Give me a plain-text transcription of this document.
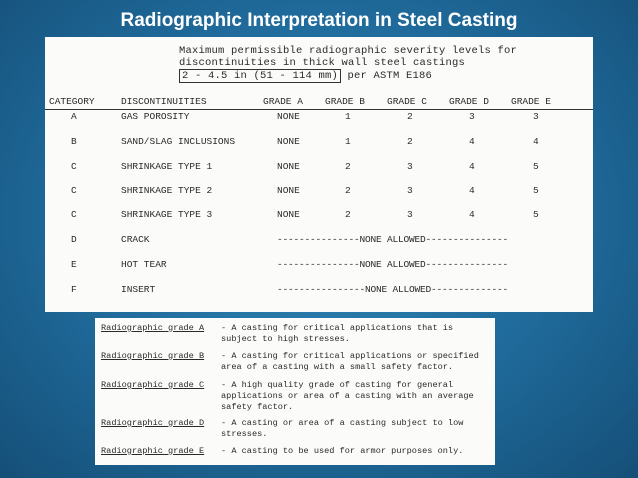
Radiographic Interpretation in Steel Casting
Maximum permissible radiographic severity levels for
discontinuities in thick wall steel castings
2 - 4.5 in (51 - 114 mm) per ASTM E186
CATEGORY	DISCONTINUITIES	GRADE A GRADE B GRADE C GRADE D GRADE E
A	GAS POROSITY	NONE	1	2	3	3
B	SAND/SLAG INCLUSIONS	NONE	1	2	4	4
C	SHRINKAGE TYPE 1	NONE	2	3	4	5
C	SHRINKAGE TYPE 2	NONE	2	3	4	5
C	SHRINKAGE TYPE 3	NONE	2	3	4	5
D	CRACK	---------------NONE ALLOWED---------------
E	HOT TEAR	---------------NONE ALLOWED---------------
F	INSERT	----------------NONE ALLOWED--------------
Radiographic grade A - A casting for critical applications that is subject to high stresses.
Radiographic grade B - A casting for critical applications or specified area of a casting with a small safety factor.
Radiographic grade C - A high quality grade of casting for general applications or area of a casting with an average safety factor.
Radiographic grade D - A casting or area of a casting subject to low stresses.
Radiographic grade E - A casting to be used for armor purposes only.
